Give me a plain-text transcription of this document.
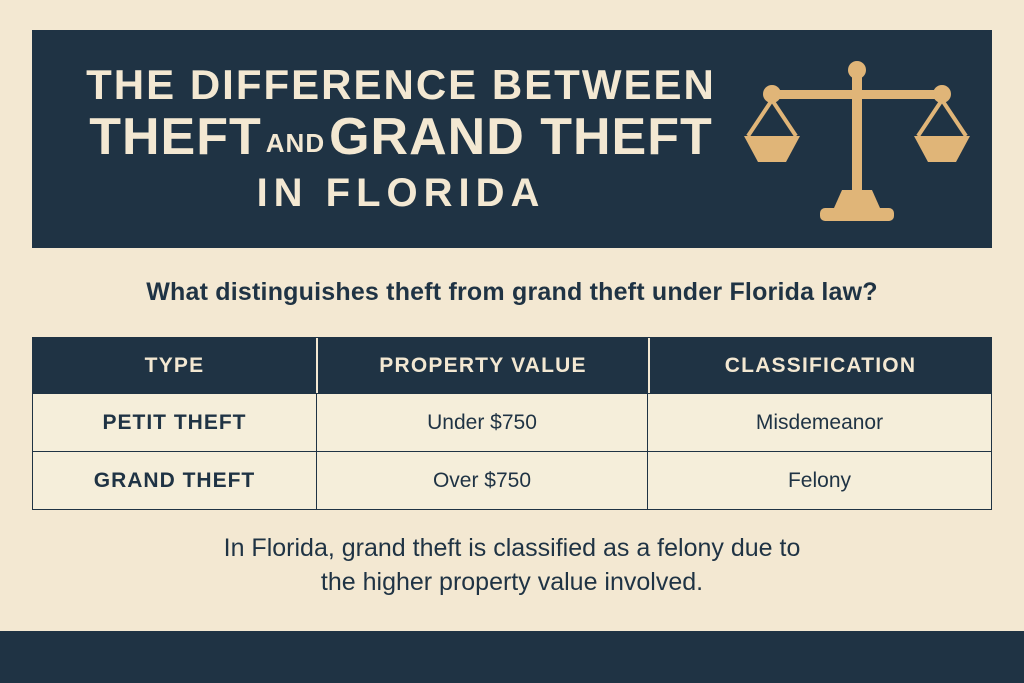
THE DIFFERENCE BETWEEN
THEFT ANDGRAND THEFT
IN FLORIDA
What distinguishes theft from grand theft under Florida law?
TYPE	PROPERTY VALUE	CLASSIFICATION
PETIT THEFT	Under $750	Misdemeanor
GRAND THEFT	Over $750	Felony
In Florida, grand theft is classified as a felony due to
the higher property value involved.
